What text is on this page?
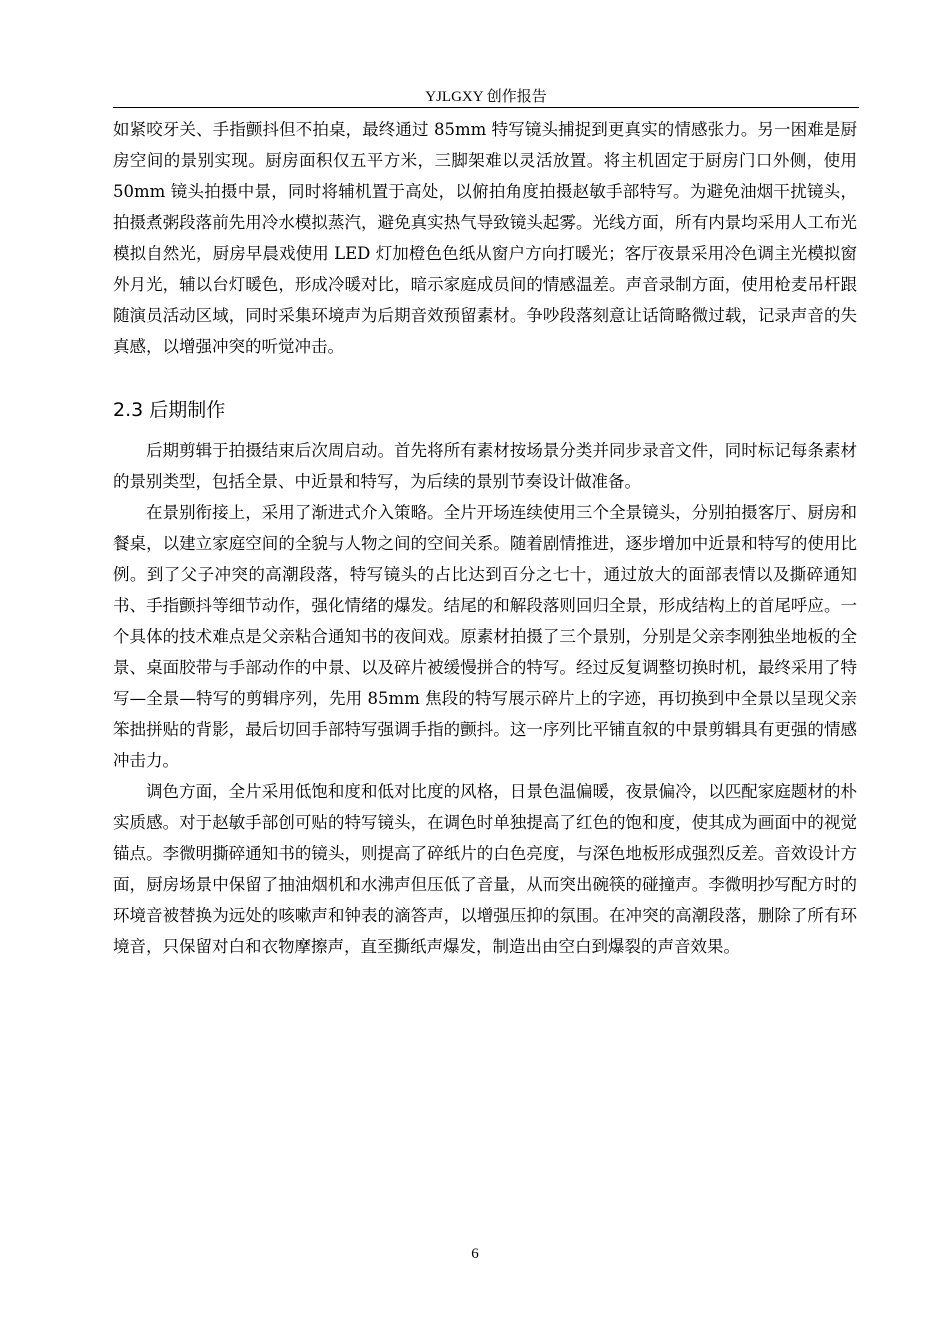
YJLGXY 创作报告

如紧咬牙关、手指颤抖但不拍桌，最终通过 85mm 特写镜头捕捉到更真实的情感张力。另一困难是厨房空间的景别实现。厨房面积仅五平方米，三脚架难以灵活放置。将主机固定于厨房门口外侧，使用 50mm 镜头拍摄中景，同时将辅机置于高处，以俯拍角度拍摄赵敏手部特写。为避免油烟干扰镜头，拍摄煮粥段落前先用冷水模拟蒸汽，避免真实热气导致镜头起雾。光线方面，所有内景均采用人工布光模拟自然光，厨房早晨戏使用 LED 灯加橙色色纸从窗户方向打暖光；客厅夜景采用冷色调主光模拟窗外月光，辅以台灯暖色，形成冷暖对比，暗示家庭成员间的情感温差。声音录制方面，使用枪麦吊杆跟随演员活动区域，同时采集环境声为后期音效预留素材。争吵段落刻意让话筒略微过载，记录声音的失真感，以增强冲突的听觉冲击。

2.3 后期制作

后期剪辑于拍摄结束后次周启动。首先将所有素材按场景分类并同步录音文件，同时标记每条素材的景别类型，包括全景、中近景和特写，为后续的景别节奏设计做准备。

在景别衔接上，采用了渐进式介入策略。全片开场连续使用三个全景镜头，分别拍摄客厅、厨房和餐桌，以建立家庭空间的全貌与人物之间的空间关系。随着剧情推进，逐步增加中近景和特写的使用比例。到了父子冲突的高潮段落，特写镜头的占比达到百分之七十，通过放大的面部表情以及撕碎通知书、手指颤抖等细节动作，强化情绪的爆发。结尾的和解段落则回归全景，形成结构上的首尾呼应。一个具体的技术难点是父亲粘合通知书的夜间戏。原素材拍摄了三个景别，分别是父亲李刚独坐地板的全景、桌面胶带与手部动作的中景、以及碎片被缓慢拼合的特写。经过反复调整切换时机，最终采用了特写—全景—特写的剪辑序列，先用 85mm 焦段的特写展示碎片上的字迹，再切换到中全景以呈现父亲笨拙拼贴的背影，最后切回手部特写强调手指的颤抖。这一序列比平铺直叙的中景剪辑具有更强的情感冲击力。

调色方面，全片采用低饱和度和低对比度的风格，日景色温偏暖，夜景偏冷，以匹配家庭题材的朴实质感。对于赵敏手部创可贴的特写镜头，在调色时单独提高了红色的饱和度，使其成为画面中的视觉锚点。李微明撕碎通知书的镜头，则提高了碎纸片的白色亮度，与深色地板形成强烈反差。音效设计方面，厨房场景中保留了抽油烟机和水沸声但压低了音量，从而突出碗筷的碰撞声。李微明抄写配方时的环境音被替换为远处的咳嗽声和钟表的滴答声，以增强压抑的氛围。在冲突的高潮段落，删除了所有环境音，只保留对白和衣物摩擦声，直至撕纸声爆发，制造出由空白到爆裂的声音效果。

6
